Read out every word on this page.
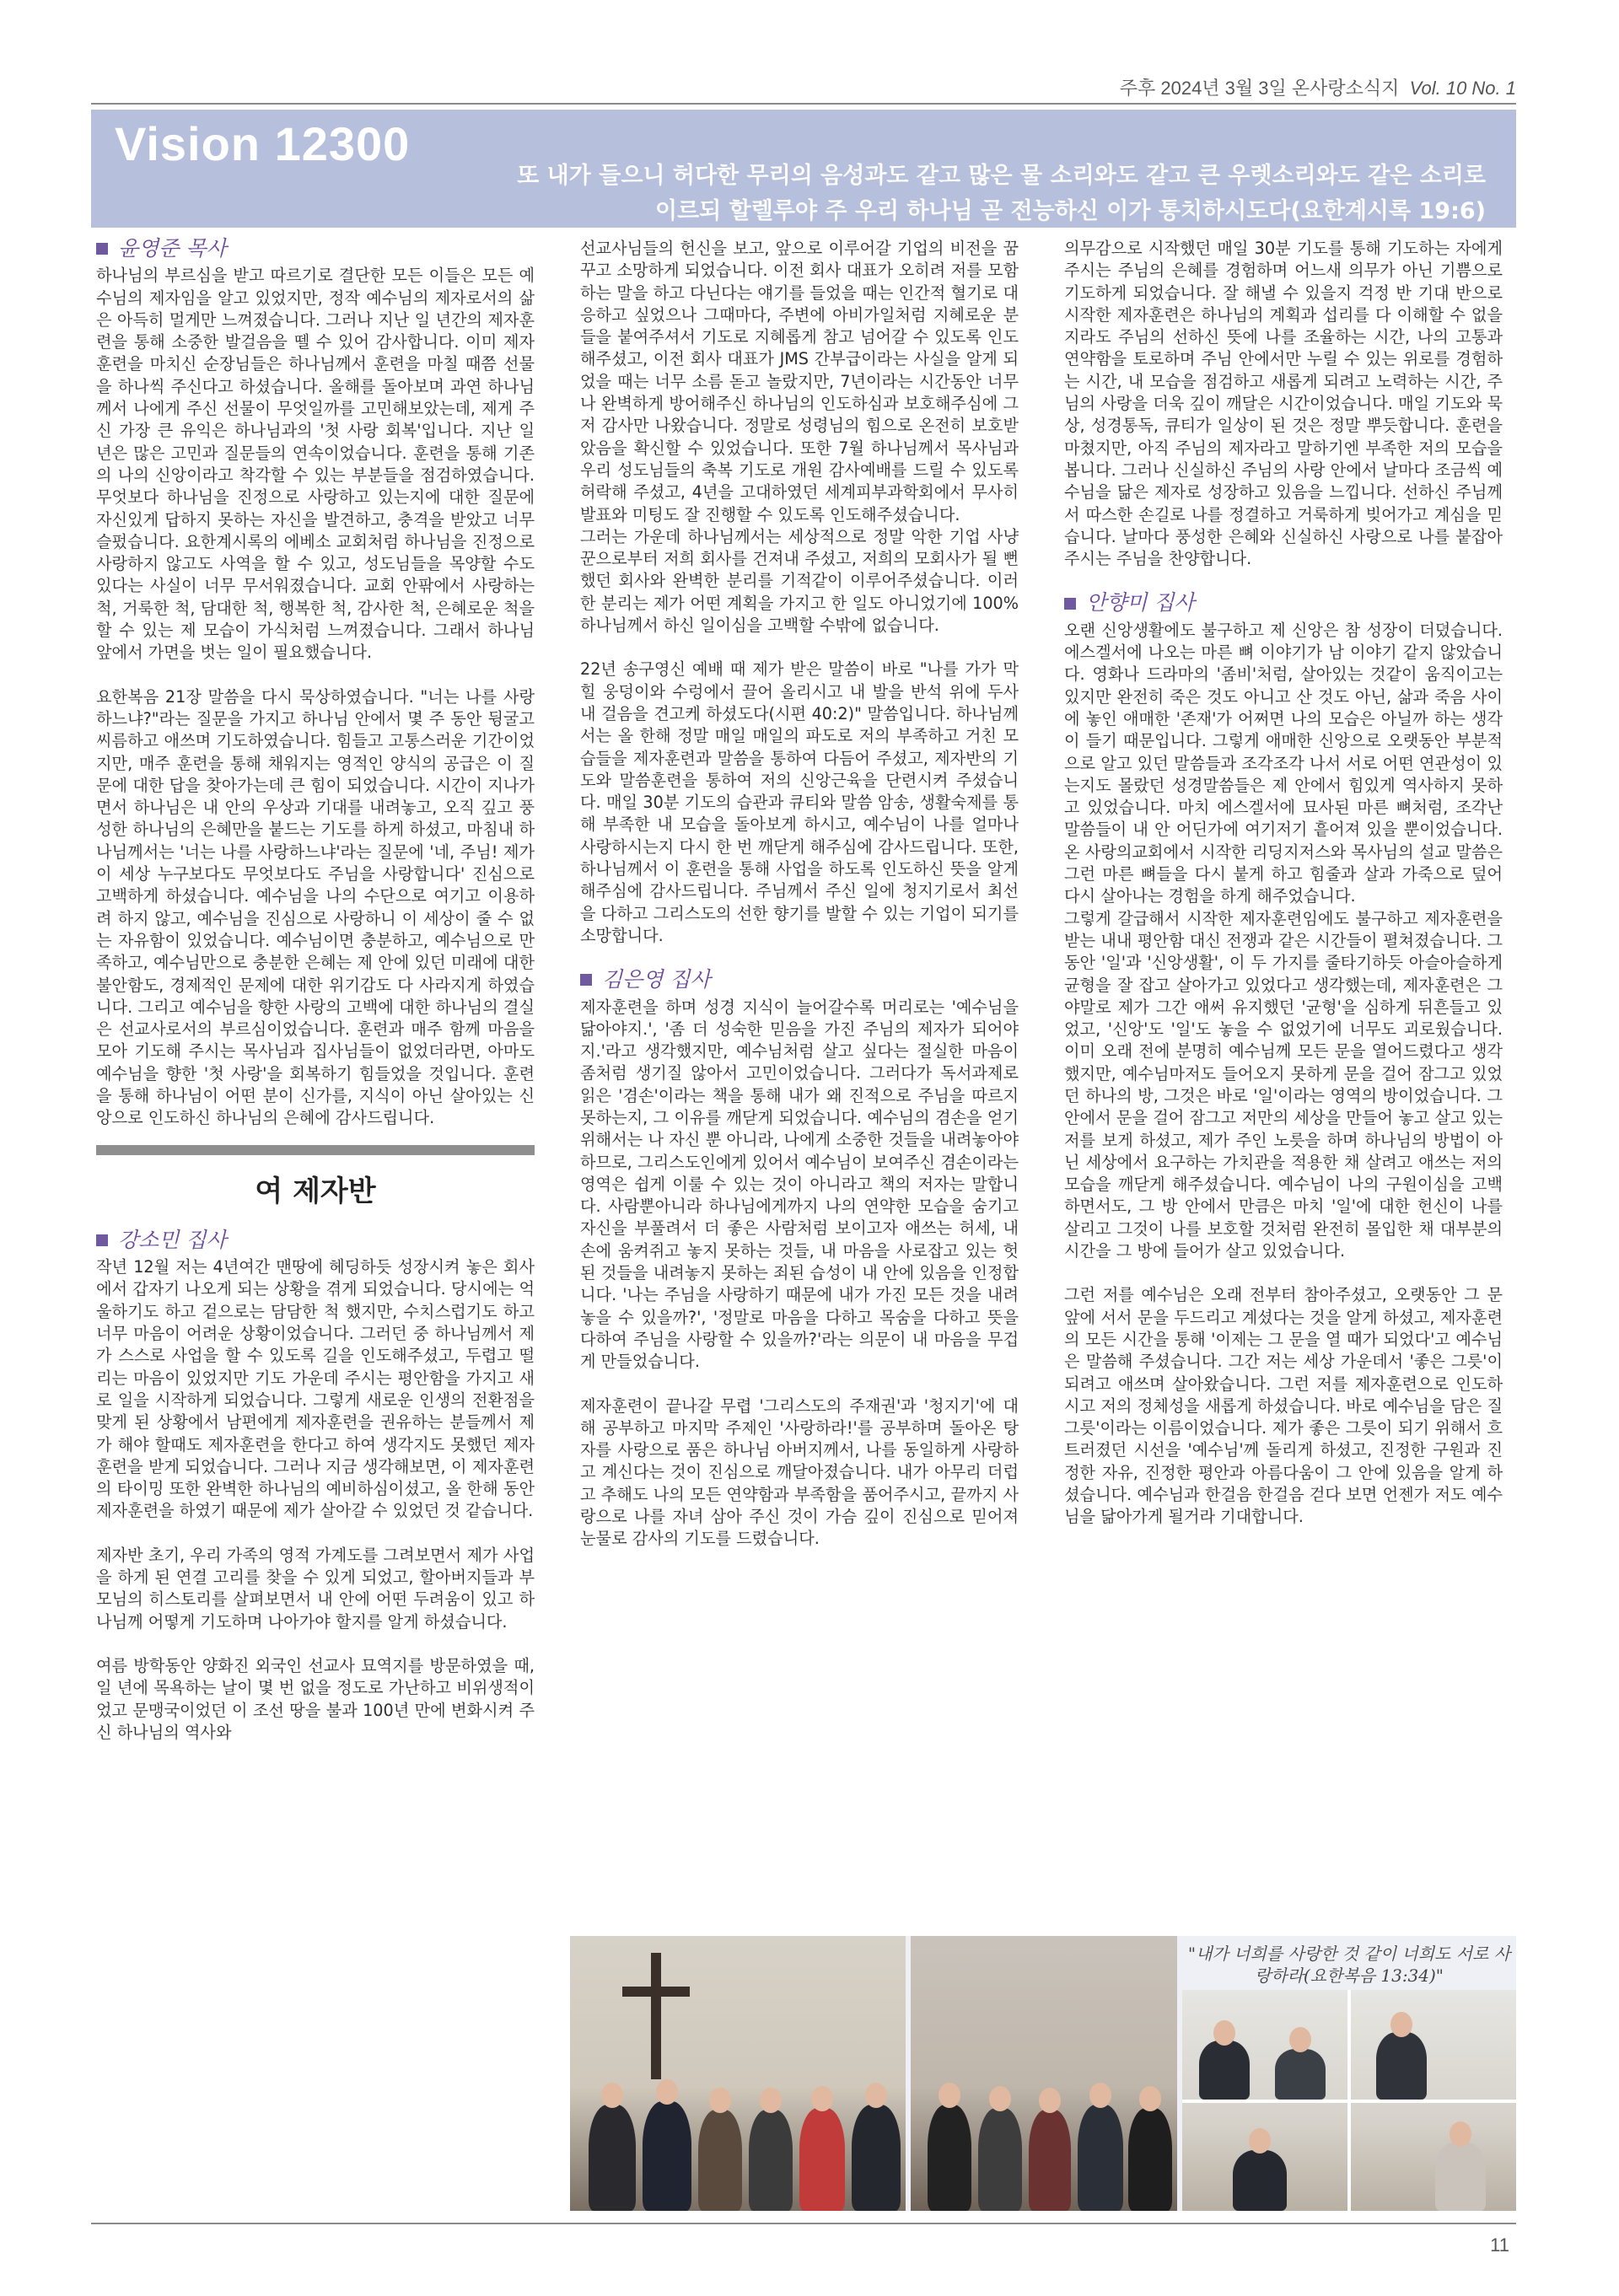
주후 2024년 3월 3일 온사랑소식지 Vol. 10 No. 1
Vision 12300
또 내가 들으니 허다한 무리의 음성과도 같고 많은 물 소리와도 같고 큰 우렛소리와도 같은 소리로
이르되 할렐루야 주 우리 하나님 곧 전능하신 이가 통치하시도다(요한계시록 19:6)
윤영준 목사

하나님의 부르심을 받고 따르기로 결단한 모든 이들은 모든 예수님의 제자임을 알고 있었지만, 정작 예수님의 제자로서의 삶은 아득히 멀게만 느껴졌습니다. 그러나 지난 일 년간의 제자훈련을 통해 소중한 발걸음을 뗄 수 있어 감사합니다. 이미 제자훈련을 마치신 순장님들은 하나님께서 훈련을 마칠 때쯤 선물을 하나씩 주신다고 하셨습니다. 올해를 돌아보며 과연 하나님께서 나에게 주신 선물이 무엇일까를 고민해보았는데, 제게 주신 가장 큰 유익은 하나님과의 '첫 사랑 회복'입니다. 지난 일 년은 많은 고민과 질문들의 연속이었습니다. 훈련을 통해 기존의 나의 신앙이라고 착각할 수 있는 부분들을 점검하였습니다. 무엇보다 하나님을 진정으로 사랑하고 있는지에 대한 질문에 자신있게 답하지 못하는 자신을 발견하고, 충격을 받았고 너무 슬펐습니다. 요한계시록의 에베소 교회처럼 하나님을 진정으로 사랑하지 않고도 사역을 할 수 있고, 성도님들을 목양할 수도 있다는 사실이 너무 무서워졌습니다. 교회 안팎에서 사랑하는 척, 거룩한 척, 담대한 척, 행복한 척, 감사한 척, 은혜로운 척을 할 수 있는 제 모습이 가식처럼 느껴졌습니다. 그래서 하나님 앞에서 가면을 벗는 일이 필요했습니다.

요한복음 21장 말씀을 다시 묵상하였습니다. "너는 나를 사랑하느냐?"라는 질문을 가지고 하나님 안에서 몇 주 동안 뒹굴고 씨름하고 애쓰며 기도하였습니다. 힘들고 고통스러운 기간이었지만, 매주 훈련을 통해 채워지는 영적인 양식의 공급은 이 질문에 대한 답을 찾아가는데 큰 힘이 되었습니다. 시간이 지나가면서 하나님은 내 안의 우상과 기대를 내려놓고, 오직 깊고 풍성한 하나님의 은혜만을 붙드는 기도를 하게 하셨고, 마침내 하나님께서는 '너는 나를 사랑하느냐'라는 질문에 '네, 주님! 제가 이 세상 누구보다도 무엇보다도 주님을 사랑합니다' 진심으로 고백하게 하셨습니다. 예수님을 나의 수단으로 여기고 이용하려 하지 않고, 예수님을 진심으로 사랑하니 이 세상이 줄 수 없는 자유함이 있었습니다. 예수님이면 충분하고, 예수님으로 만족하고, 예수님만으로 충분한 은혜는 제 안에 있던 미래에 대한 불안함도, 경제적인 문제에 대한 위기감도 다 사라지게 하였습니다. 그리고 예수님을 향한 사랑의 고백에 대한 하나님의 결실은 선교사로서의 부르심이었습니다. 훈련과 매주 함께 마음을 모아 기도해 주시는 목사님과 집사님들이 없었더라면, 아마도 예수님을 향한 '첫 사랑'을 회복하기 힘들었을 것입니다. 훈련을 통해 하나님이 어떤 분이 신가를, 지식이 아닌 살아있는 신앙으로 인도하신 하나님의 은혜에 감사드립니다.

여 제자반
강소민 집사

작년 12월 저는 4년여간 맨땅에 헤딩하듯 성장시켜 놓은 회사에서 갑자기 나오게 되는 상황을 겪게 되었습니다. 당시에는 억울하기도 하고 겉으로는 담담한 척 했지만, 수치스럽기도 하고 너무 마음이 어려운 상황이었습니다. 그러던 중 하나님께서 제가 스스로 사업을 할 수 있도록 길을 인도해주셨고, 두렵고 떨리는 마음이 있었지만 기도 가운데 주시는 평안함을 가지고 새로 일을 시작하게 되었습니다. 그렇게 새로운 인생의 전환점을 맞게 된 상황에서 남편에게 제자훈련을 권유하는 분들께서 제가 해야 할때도 제자훈련을 한다고 하여 생각지도 못했던 제자훈련을 받게 되었습니다. 그러나 지금 생각해보면, 이 제자훈련의 타이밍 또한 완벽한 하나님의 예비하심이셨고, 올 한해 동안 제자훈련을 하였기 때문에 제가 살아갈 수 있었던 것 같습니다.

제자반 초기, 우리 가족의 영적 가계도를 그려보면서 제가 사업을 하게 된 연결 고리를 찾을 수 있게 되었고, 할아버지들과 부모님의 히스토리를 살펴보면서 내 안에 어떤 두려움이 있고 하나님께 어떻게 기도하며 나아가야 할지를 알게 하셨습니다.

여름 방학동안 양화진 외국인 선교사 묘역지를 방문하였을 때, 일 년에 목욕하는 날이 몇 번 없을 정도로 가난하고 비위생적이었고 문맹국이었던 이 조선 땅을 불과 100년 만에 변화시켜 주신 하나님의 역사와

선교사님들의 헌신을 보고, 앞으로 이루어갈 기업의 비전을 꿈꾸고 소망하게 되었습니다. 이전 회사 대표가 오히려 저를 모함하는 말을 하고 다닌다는 얘기를 들었을 때는 인간적 혈기로 대응하고 싶었으나 그때마다, 주변에 아비가일처럼 지혜로운 분들을 붙여주셔서 기도로 지혜롭게 참고 넘어갈 수 있도록 인도해주셨고, 이전 회사 대표가 JMS 간부급이라는 사실을 알게 되었을 때는 너무 소름 돋고 놀랐지만, 7년이라는 시간동안 너무나 완벽하게 방어해주신 하나님의 인도하심과 보호해주심에 그저 감사만 나왔습니다. 정말로 성령님의 힘으로 온전히 보호받았음을 확신할 수 있었습니다. 또한 7월 하나님께서 목사님과 우리 성도님들의 축복 기도로 개원 감사예배를 드릴 수 있도록 허락해 주셨고, 4년을 고대하였던 세계피부과학회에서 무사히 발표와 미팅도 잘 진행할 수 있도록 인도해주셨습니다.

그러는 가운데 하나님께서는 세상적으로 정말 악한 기업 사냥꾼으로부터 저희 회사를 건져내 주셨고, 저희의 모회사가 될 뻔 했던 회사와 완벽한 분리를 기적같이 이루어주셨습니다. 이러한 분리는 제가 어떤 계획을 가지고 한 일도 아니었기에 100% 하나님께서 하신 일이심을 고백할 수밖에 없습니다.

22년 송구영신 예배 때 제가 받은 말씀이 바로 "나를 가가 막힐 웅덩이와 수렁에서 끌어 올리시고 내 발을 반석 위에 두사 내 걸음을 견고케 하셨도다(시편 40:2)" 말씀입니다. 하나님께서는 올 한해 정말 매일 매일의 파도로 저의 부족하고 거친 모습들을 제자훈련과 말씀을 통하여 다듬어 주셨고, 제자반의 기도와 말씀훈련을 통하여 저의 신앙근육을 단련시켜 주셨습니다. 매일 30분 기도의 습관과 큐티와 말씀 암송, 생활숙제를 통해 부족한 내 모습을 돌아보게 하시고, 예수님이 나를 얼마나 사랑하시는지 다시 한 번 깨닫게 해주심에 감사드립니다. 또한, 하나님께서 이 훈련을 통해 사업을 하도록 인도하신 뜻을 알게 해주심에 감사드립니다. 주님께서 주신 일에 청지기로서 최선을 다하고 그리스도의 선한 향기를 발할 수 있는 기업이 되기를 소망합니다.

김은영 집사

제자훈련을 하며 성경 지식이 늘어갈수록 머리로는 '예수님을 닮아야지.', '좀 더 성숙한 믿음을 가진 주님의 제자가 되어야지.'라고 생각했지만, 예수님처럼 살고 싶다는 절실한 마음이 좀처럼 생기질 않아서 고민이었습니다. 그러다가 독서과제로 읽은 '겸손'이라는 책을 통해 내가 왜 진적으로 주님을 따르지 못하는지, 그 이유를 깨닫게 되었습니다. 예수님의 겸손을 얻기 위해서는 나 자신 뿐 아니라, 나에게 소중한 것들을 내려놓아야 하므로, 그리스도인에게 있어서 예수님이 보여주신 겸손이라는 영역은 쉽게 이룰 수 있는 것이 아니라고 책의 저자는 말합니다. 사람뿐아니라 하나님에게까지 나의 연약한 모습을 숨기고 자신을 부풀려서 더 좋은 사람처럼 보이고자 애쓰는 허세, 내 손에 움켜쥐고 놓지 못하는 것들, 내 마음을 사로잡고 있는 헛된 것들을 내려놓지 못하는 죄된 습성이 내 안에 있음을 인정합니다. '나는 주님을 사랑하기 때문에 내가 가진 모든 것을 내려놓을 수 있을까?', '정말로 마음을 다하고 목숨을 다하고 뜻을 다하여 주님을 사랑할 수 있을까?'라는 의문이 내 마음을 무겁게 만들었습니다.

제자훈련이 끝나갈 무렵 '그리스도의 주재권'과 '청지기'에 대해 공부하고 마지막 주제인 '사랑하라!'를 공부하며 돌아온 탕자를 사랑으로 품은 하나님 아버지께서, 나를 동일하게 사랑하고 계신다는 것이 진심으로 깨달아졌습니다. 내가 아무리 더럽고 추해도 나의 모든 연약함과 부족함을 품어주시고, 끝까지 사랑으로 나를 자녀 삼아 주신 것이 가슴 깊이 진심으로 믿어져 눈물로 감사의 기도를 드렸습니다.

의무감으로 시작했던 매일 30분 기도를 통해 기도하는 자에게 주시는 주님의 은혜를 경험하며 어느새 의무가 아닌 기쁨으로 기도하게 되었습니다. 잘 해낼 수 있을지 걱정 반 기대 반으로 시작한 제자훈련은 하나님의 계획과 섭리를 다 이해할 수 없을지라도 주님의 선하신 뜻에 나를 조율하는 시간, 나의 고통과 연약함을 토로하며 주님 안에서만 누릴 수 있는 위로를 경험하는 시간, 내 모습을 점검하고 새롭게 되려고 노력하는 시간, 주님의 사랑을 더욱 깊이 깨달은 시간이었습니다. 매일 기도와 묵상, 성경통독, 큐티가 일상이 된 것은 정말 뿌듯합니다. 훈련을 마쳤지만, 아직 주님의 제자라고 말하기엔 부족한 저의 모습을 봅니다. 그러나 신실하신 주님의 사랑 안에서 날마다 조금씩 예수님을 닮은 제자로 성장하고 있음을 느낍니다. 선하신 주님께서 따스한 손길로 나를 정결하고 거룩하게 빚어가고 계심을 믿습니다. 날마다 풍성한 은혜와 신실하신 사랑으로 나를 붙잡아 주시는 주님을 찬양합니다.

안향미 집사

오랜 신앙생활에도 불구하고 제 신앙은 참 성장이 더뎠습니다. 에스겔서에 나오는 마른 뼈 이야기가 남 이야기 같지 않았습니다. 영화나 드라마의 '좀비'처럼, 살아있는 것같이 움직이고는 있지만 완전히 죽은 것도 아니고 산 것도 아닌, 삶과 죽음 사이에 놓인 애매한 '존재'가 어쩌면 나의 모습은 아닐까 하는 생각이 들기 때문입니다. 그렇게 애매한 신앙으로 오랫동안 부분적으로 알고 있던 말씀들과 조각조각 나서 서로 어떤 연관성이 있는지도 몰랐던 성경말씀들은 제 안에서 힘있게 역사하지 못하고 있었습니다. 마치 에스겔서에 묘사된 마른 뼈처럼, 조각난 말씀들이 내 안 어딘가에 여기저기 흩어져 있을 뿐이었습니다. 온 사랑의교회에서 시작한 리딩지저스와 목사님의 설교 말씀은 그런 마른 뼈들을 다시 붙게 하고 힘줄과 살과 가죽으로 덮어 다시 살아나는 경험을 하게 해주었습니다.

그렇게 갈급해서 시작한 제자훈련임에도 불구하고 제자훈련을 받는 내내 평안함 대신 전쟁과 같은 시간들이 펼쳐졌습니다. 그동안 '일'과 '신앙생활', 이 두 가지를 줄타기하듯 아슬아슬하게 균형을 잘 잡고 살아가고 있었다고 생각했는데, 제자훈련은 그야말로 제가 그간 애써 유지했던 '균형'을 심하게 뒤흔들고 있었고, '신앙'도 '일'도 놓을 수 없었기에 너무도 괴로웠습니다. 이미 오래 전에 분명히 예수님께 모든 문을 열어드렸다고 생각했지만, 예수님마저도 들어오지 못하게 문을 걸어 잠그고 있었던 하나의 방, 그것은 바로 '일'이라는 영역의 방이었습니다. 그 안에서 문을 걸어 잠그고 저만의 세상을 만들어 놓고 살고 있는 저를 보게 하셨고, 제가 주인 노릇을 하며 하나님의 방법이 아닌 세상에서 요구하는 가치관을 적용한 채 살려고 애쓰는 저의 모습을 깨닫게 해주셨습니다. 예수님이 나의 구원이심을 고백하면서도, 그 방 안에서 만큼은 마치 '일'에 대한 헌신이 나를 살리고 그것이 나를 보호할 것처럼 완전히 몰입한 채 대부분의 시간을 그 방에 들어가 살고 있었습니다.

그런 저를 예수님은 오래 전부터 참아주셨고, 오랫동안 그 문 앞에 서서 문을 두드리고 계셨다는 것을 알게 하셨고, 제자훈련의 모든 시간을 통해 '이제는 그 문을 열 때가 되었다'고 예수님은 말씀해 주셨습니다. 그간 저는 세상 가운데서 '좋은 그릇'이 되려고 애쓰며 살아왔습니다. 그런 저를 제자훈련으로 인도하시고 저의 정체성을 새롭게 하셨습니다. 바로 예수님을 담은 질그릇'이라는 이름이었습니다. 제가 좋은 그릇이 되기 위해서 흐트러졌던 시선을 '예수님'께 돌리게 하셨고, 진정한 구원과 진정한 자유, 진정한 평안과 아름다움이 그 안에 있음을 알게 하셨습니다. 예수님과 한걸음 한걸음 걷다 보면 언젠가 저도 예수님을 닮아가게 될거라 기대합니다.

"내가 너희를 사랑한 것 같이 너희도 서로 사랑하라(요한복음 13:34)"
11
